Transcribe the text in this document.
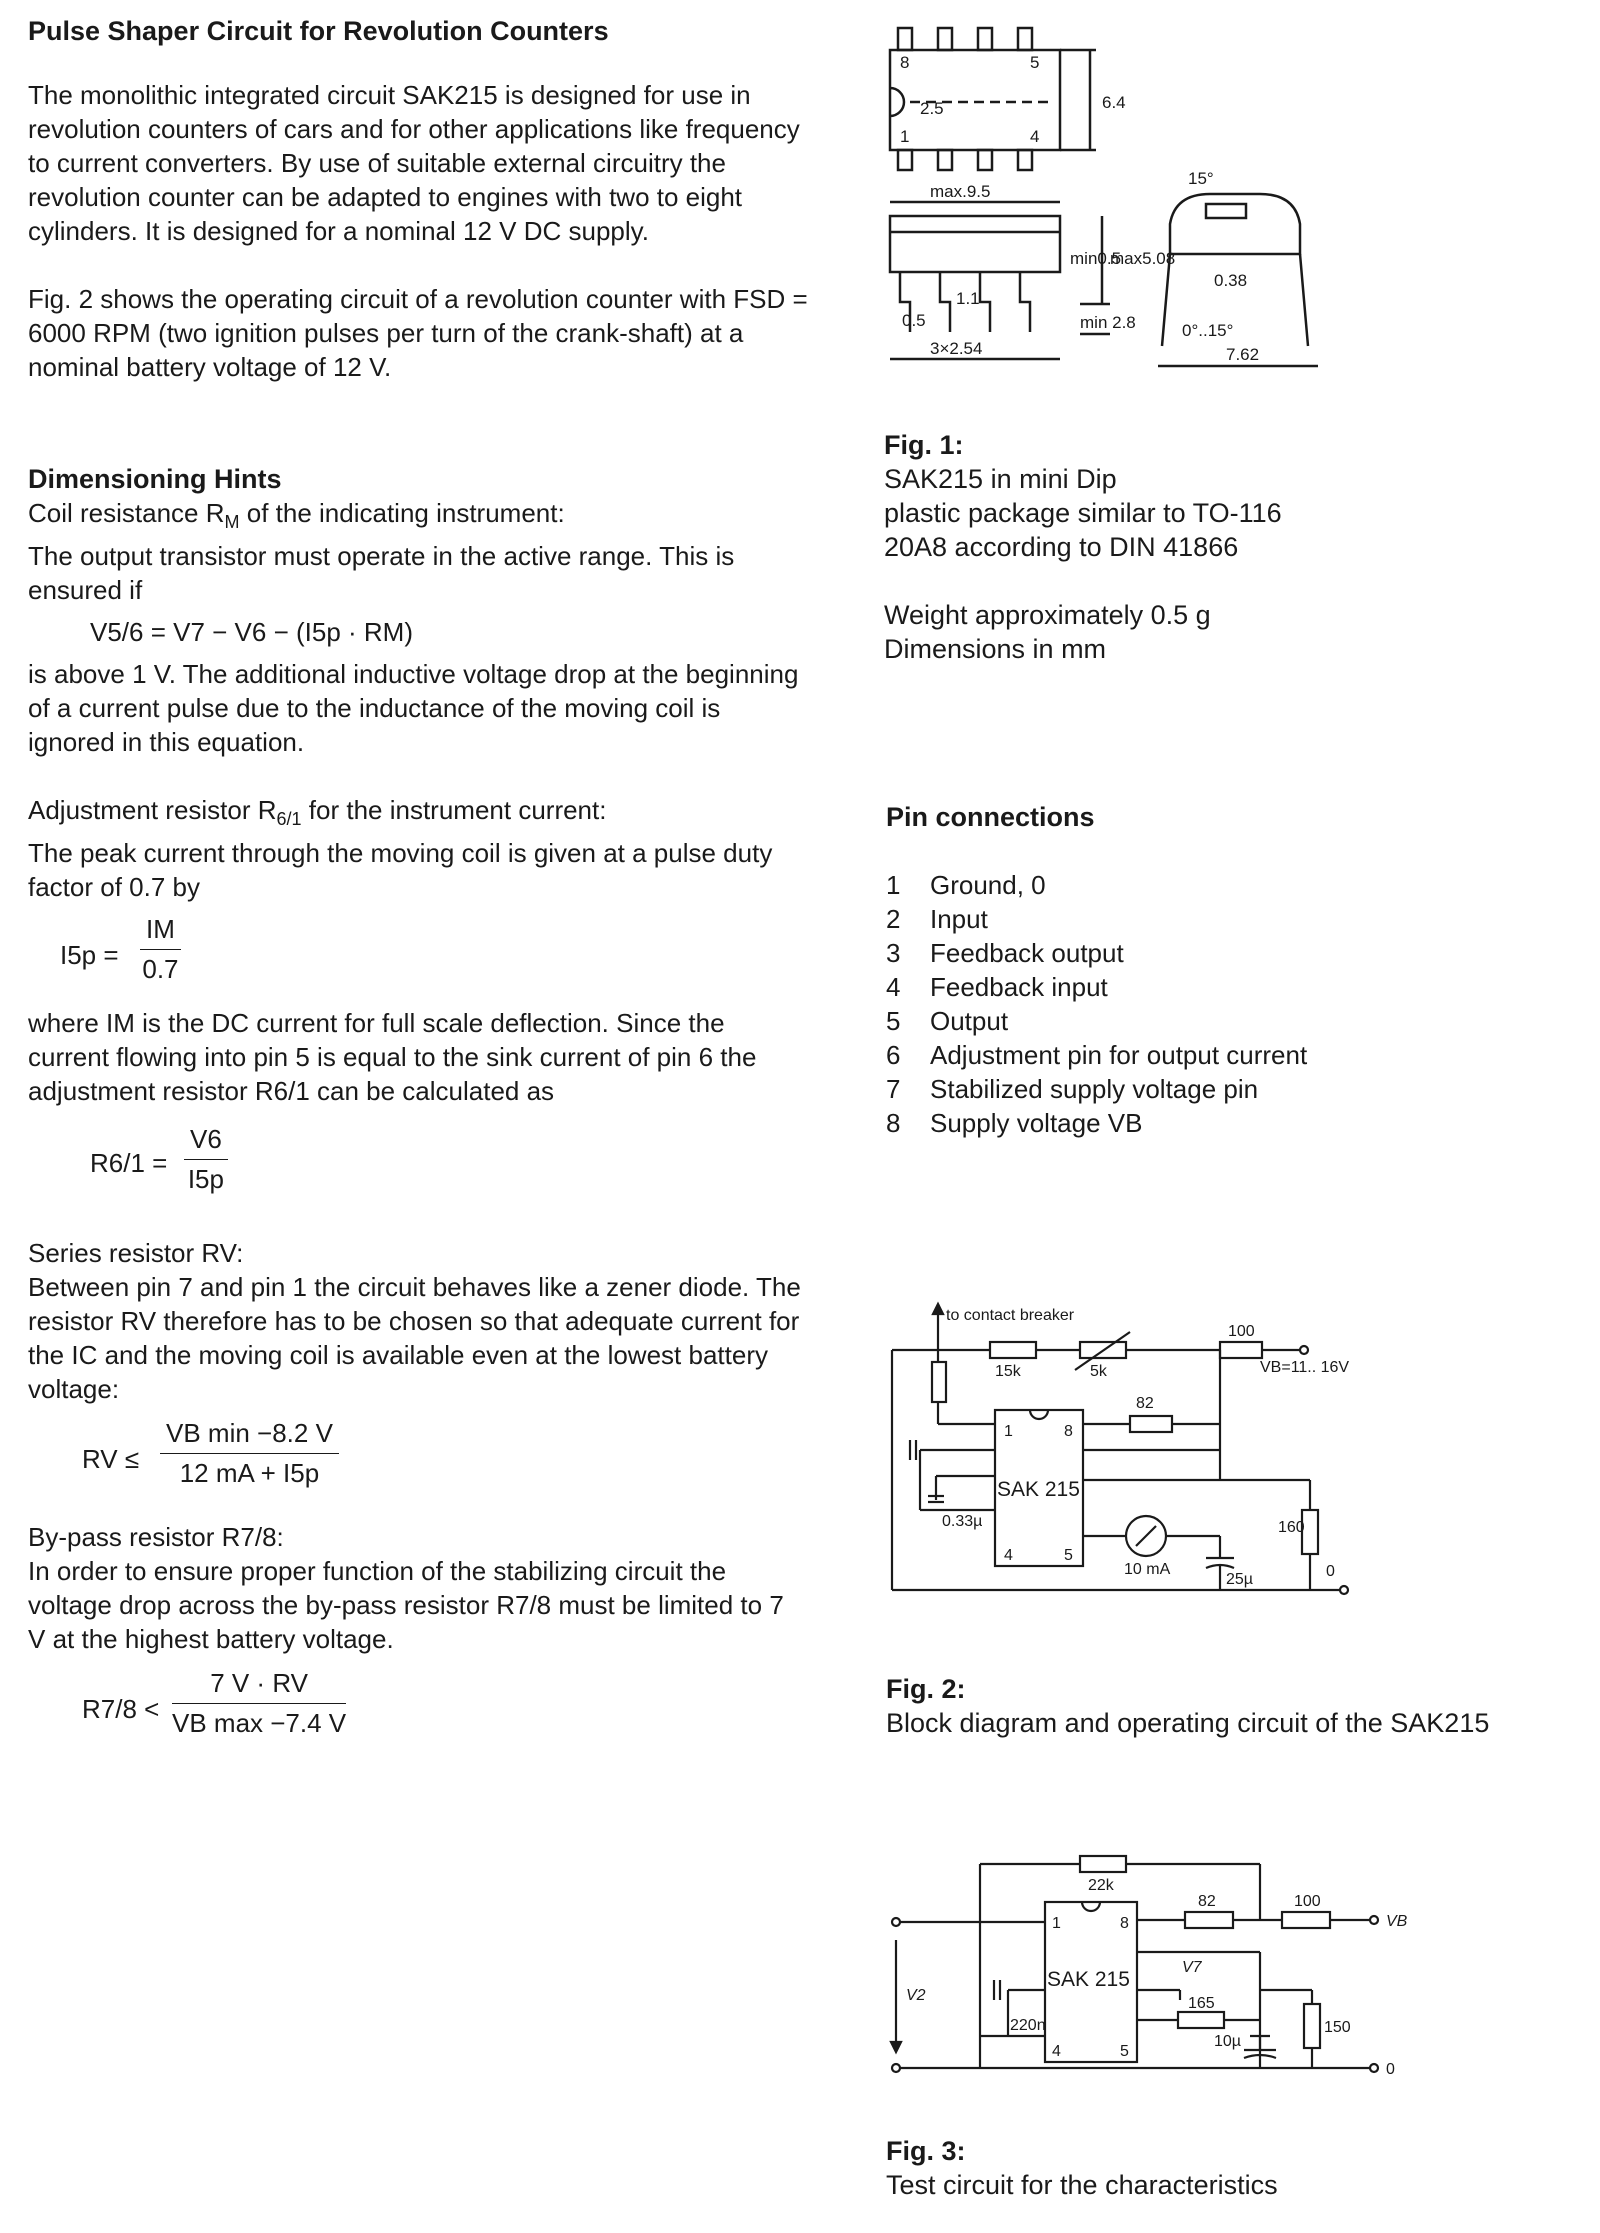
Pulse Shaper Circuit for Revolution Counters

The monolithic integrated circuit SAK215 is designed for use in revolution counters of cars and for other applications like frequency to current converters. By use of suitable external circuitry the revolution counter can be adapted to engines with two to eight cylinders. It is designed for a nominal 12 V DC supply.

Fig. 2 shows the operating circuit of a revolution counter with FSD = 6000 RPM (two ignition pulses per turn of the crank-shaft) at a nominal battery voltage of 12 V.

Dimensioning Hints

Coil resistance $R_M$ of the indicating instrument:

The output transistor must operate in the active range. This is ensured if

V5/6 = V7 − V6 − (I5p · RM)

is above 1 V. The additional inductive voltage drop at the beginning of a current pulse due to the inductance of the moving coil is ignored in this equation.

Adjustment resistor $R_{6/1}$ for the instrument current:

The peak current through the moving coil is given at a pulse duty factor of 0.7 by

$I5p = \frac{IM}{0.7}$

where IM is the DC current for full scale deflection. Since the current flowing into pin 5 is equal to the sink current of pin 6 the adjustment resistor R6/1 can be calculated as

$R6/1 = \frac{V6}{I5p}$

Series resistor RV:

Between pin 7 and pin 1 the circuit behaves like a zener diode. The resistor RV therefore has to be chosen so that adequate current for the IC and the moving coil is available even at the lowest battery voltage:

RV ≤
VB min −8.2 V
12 mA + I5p

By-pass resistor R7/8:

In order to ensure proper function of the stabilizing circuit the voltage drop across the by-pass resistor R7/8 must be limited to 7 V at the highest battery voltage.

R7/8 <
7 V · RV
VB max −7.4 V
8	5
1	4
2.5	6.4
max.9.5
min0.5
max5.08
min 2.8
0.5
1.1
3×2.54
15°
0.38
0°..15°
7.62
Fig. 1:
SAK215 in mini Dip
plastic package similar to TO-116
20A8 according to DIN 41866
Weight approximately 0.5 g
Dimensions in mm
Pin connections
1	Ground, 0
2	Input
3	Feedback output
4	Feedback input
5	Output
6	Adjustment pin for output current
7	Stabilized supply voltage pin
8	Supply voltage VB
to contact breaker
15k	5k
100
VB=11.. 16V
82
1	8
4	5
SAK 215
0.33µ	160
10 mA
25µ	0
Fig. 2:
Block diagram and operating circuit of the SAK215
22k
82	100
VB
1	8
4	5
SAK 215
V7
V2
220n
165
150
10µ
0
Fig. 3:
Test circuit for the characteristics
